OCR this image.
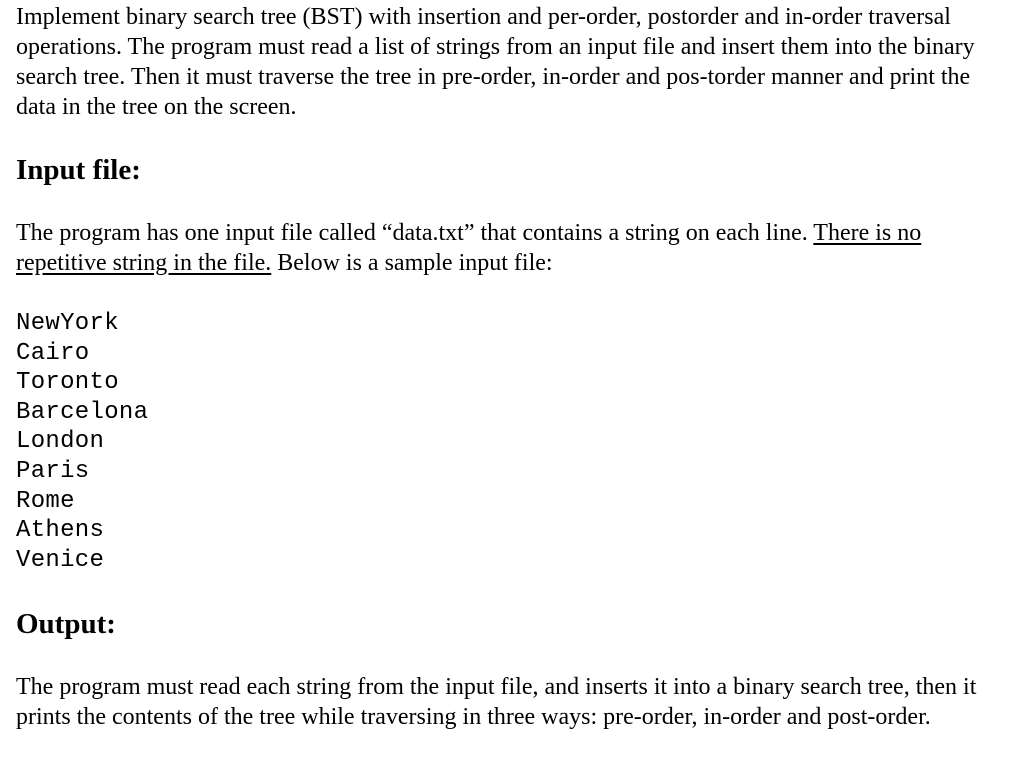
Implement binary search tree (BST) with insertion and per-order, postorder and in-order traversal operations. The program must read a list of strings from an input file and insert them into the binary search tree. Then it must traverse the tree in pre-order, in-order and pos-torder manner and print the data in the tree on the screen.

Input file:

The program has one input file called “data.txt” that contains a string on each line. There is no repetitive string in the file. Below is a sample input file:

NewYork
Cairo
Toronto
Barcelona
London
Paris
Rome
Athens
Venice
Output:

The program must read each string from the input file, and inserts it into a binary search tree, then it prints the contents of the tree while traversing in three ways: pre-order, in-order and post-order.
